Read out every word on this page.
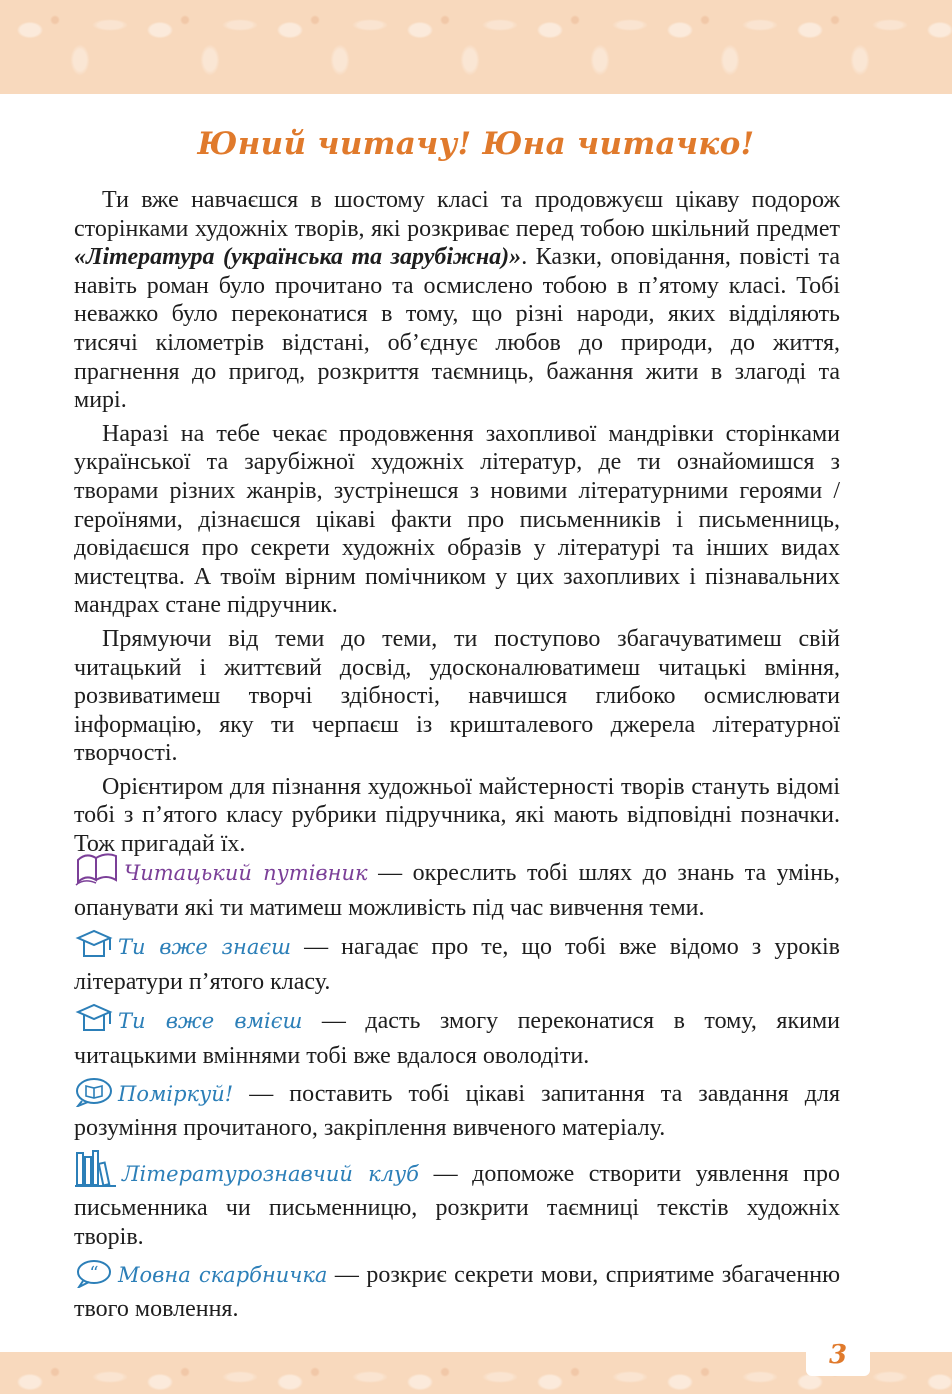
Юний читачу! Юна читачко!

Ти вже навчаєшся в шостому класі та продовжуєш цікаву подорож сторінками художніх творів, які розкриває перед тобою шкільний предмет «Література (українська та зарубіжна)». Казки, оповідання, повісті та навіть роман було прочитано та осмислено тобою в п’ятому класі. Тобі неважко було переконатися в тому, що різні народи, яких відділяють тисячі кілометрів відстані, об’єднує любов до природи, до життя, прагнення до пригод, розкриття таємниць, бажання жити в злагоді та мирі.

Наразі на тебе чекає продовження захопливої мандрівки сторінками української та зарубіжної художніх літератур, де ти ознайомишся з творами різних жанрів, зустрінешся з новими літературними героями / героїнями, дізнаєшся цікаві факти про письменників і письменниць, довідаєшся про секрети художніх образів у літературі та інших видах мистецтва. А твоїм вірним помічником у цих захопливих і пізнавальних мандрах стане підручник.

Прямуючи від теми до теми, ти поступово збагачуватимеш свій читацький і життєвий досвід, удосконалюватимеш читацькі вміння, розвиватимеш творчі здібності, навчишся глибоко осмислювати інформацію, яку ти черпаєш із кришталевого джерела літературної творчості.

Орієнтиром для пізнання художньої майстерності творів стануть відомі тобі з п’ятого класу рубрики підручника, які мають відповідні позначки. Тож пригадай їх.

Читацький путівник — окреслить тобі шлях до знань та умінь, опанувати які ти матимеш можливість під час вивчення теми.
Ти вже знаєш — нагадає про те, що тобі вже відомо з уроків літератури п’ятого класу.
Ти вже вмієш — дасть змогу переконатися в тому, якими читацькими вміннями тобі вже вдалося оволодіти.
Поміркуй! — поставить тобі цікаві запитання та завдання для розуміння прочитаного, закріплення вивченого матеріалу.
Літературознавчий клуб — допоможе створити уявлення про письменника чи письменницю, розкрити таємниці текстів художніх творів.
“ Мовна скарбничка — розкриє секрети мови, сприятиме збагаченню твого мовлення.
3
